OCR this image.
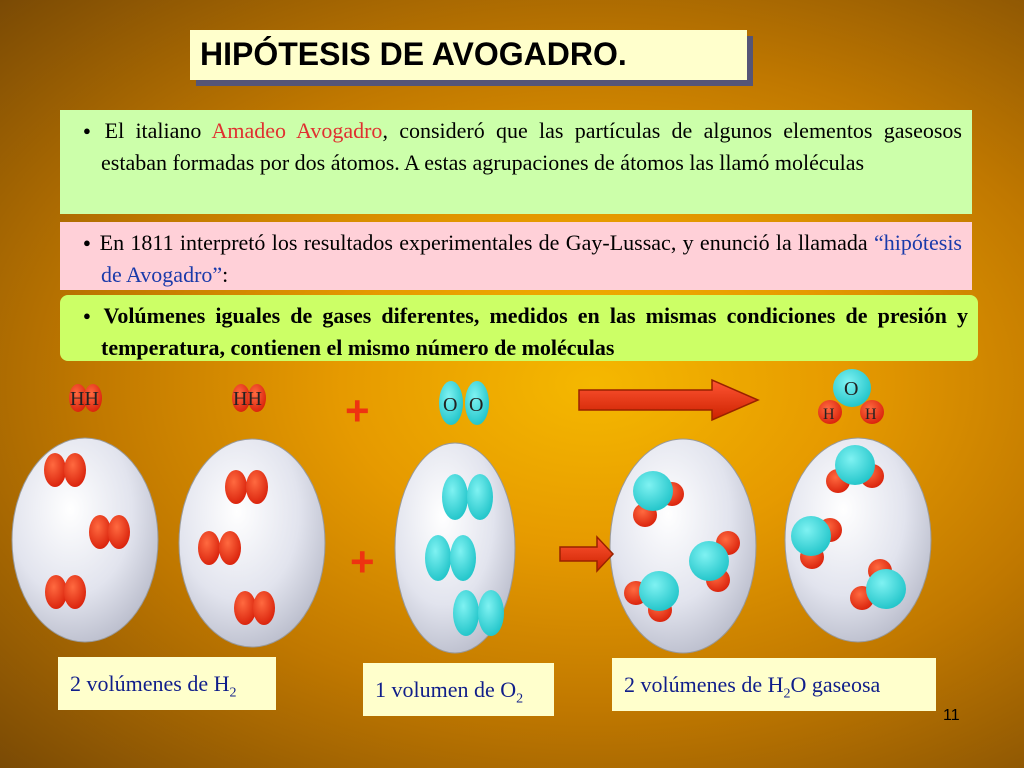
HIPÓTESIS DE AVOGADRO.

● El italiano Amadeo Avogadro, consideró que las partículas de algunos elementos gaseosos estaban formadas por dos átomos. A estas agrupaciones de átomos las llamó moléculas

● En 1811 interpretó los resultados experimentales de Gay-Lussac, y enunció la llamada “hipótesis de Avogadro”:

● Volúmenes iguales de gases diferentes, medidos en las mismas condiciones de presión y temperatura, contienen el mismo número de moléculas

HH	HH	O O
O
H H
+
+
2 volúmenes de $H_2$	1 volumen de $O_2$
2 volúmenes de $H_2O$ gaseosa
11
